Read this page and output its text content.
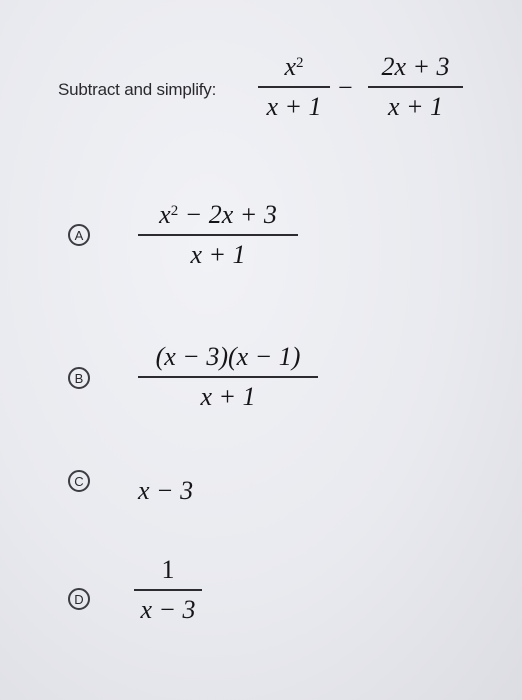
Subtract and simplify:
$x^2$
x + 1
−
2x + 3
x + 1
A
$x^2 - 2x + 3$
x + 1
B
(x − 3)(x − 1)
x + 1
C x − 3
D
1
x − 3
